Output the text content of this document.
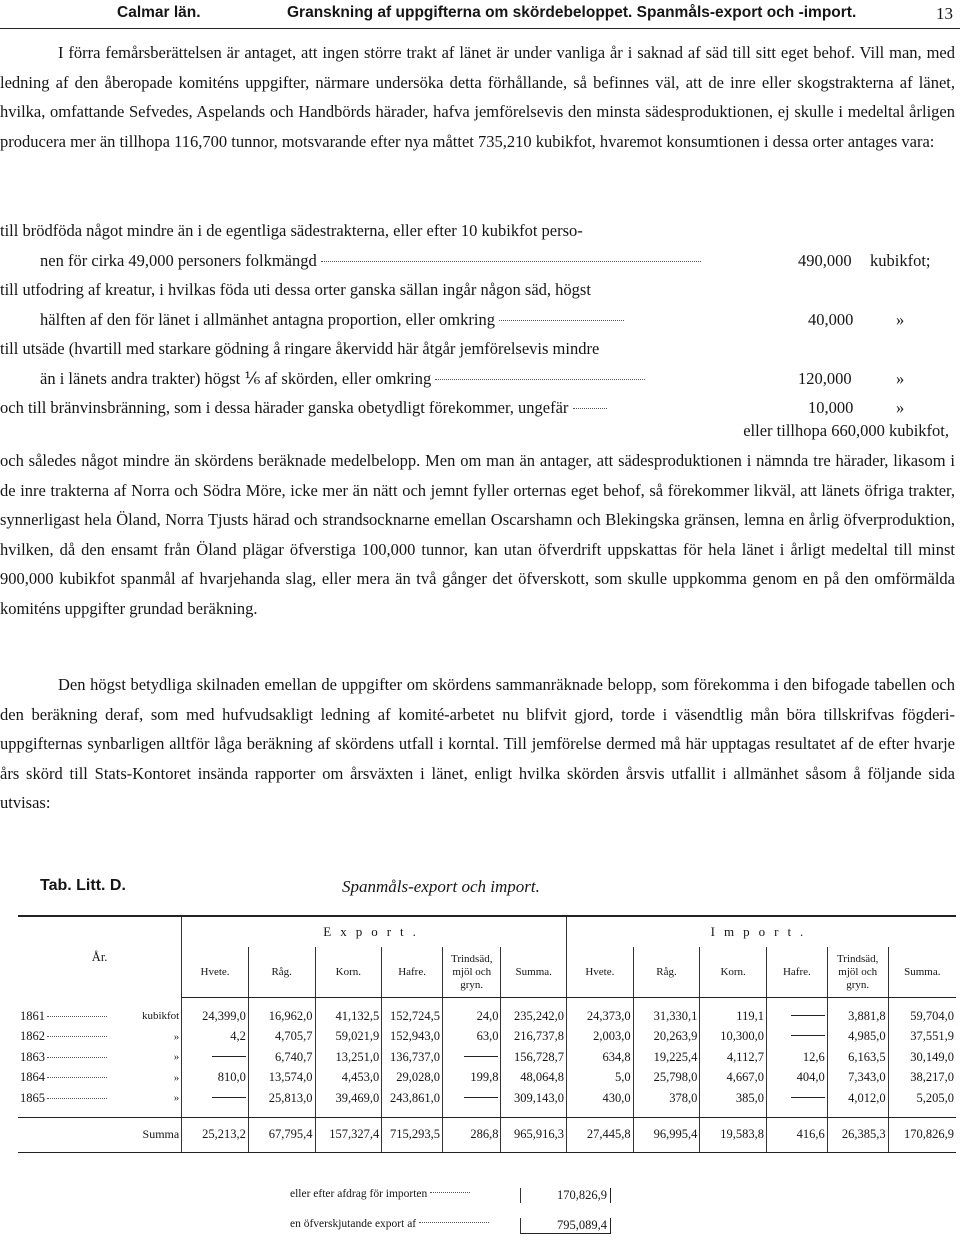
Calmar län.	Granskning af uppgifterna om skördebeloppet. Spanmåls-export och -import.	13

I förra femårsberättelsen är antaget, att ingen större trakt af länet är under vanliga år i saknad af säd till sitt eget behof. Vill man, med ledning af den åberopade komiténs uppgifter, närmare undersöka detta förhållande, så befinnes väl, att de inre eller skogstrakterna af länet, hvilka, omfattande Sefvedes, Aspelands och Handbörds härader, hafva jemförelsevis den minsta sädesproduktionen, ej skulle i medeltal årligen producera mer än tillhopa 116,700 tunnor, motsvarande efter nya måttet 735,210 kubikfot, hvaremot konsumtionen i dessa orter antages vara:

till brödföda något mindre än i de egentliga sädestrakterna, eller efter 10 kubikfot perso-
nen för cirka 49,000 personers folkmängd	490,000 kubikfot;
till utfodring af kreatur, i hvilkas föda uti dessa orter ganska sällan ingår någon säd, högst
hälften af den för länet i allmänhet antagna proportion, eller omkring	40,000	»
till utsäde (hvartill med starkare gödning å ringare åkervidd här åtgår jemförelsevis mindre
än i länets andra trakter) högst ⅙ af skörden, eller omkring	120,000	»
och till bränvinsbränning, som i dessa härader ganska obetydligt förekommer, ungefär	10,000	»
eller tillhopa 660,000 kubikfot,

och således något mindre än skördens beräknade medelbelopp. Men om man än antager, att sädesproduktionen i nämnda tre härader, likasom i de inre trakterna af Norra och Södra Möre, icke mer än nätt och jemnt fyller orternas eget behof, så förekommer likväl, att länets öfriga trakter, synnerligast hela Öland, Norra Tjusts härad och strandsocknarne emellan Oscarshamn och Blekingska gränsen, lemna en årlig öfverproduktion, hvilken, då den ensamt från Öland plägar öfverstiga 100,000 tunnor, kan utan öfverdrift uppskattas för hela länet i årligt medeltal till minst 900,000 kubikfot spanmål af hvarjehanda slag, eller mera än två gånger det öfverskott, som skulle uppkomma genom en på den omförmälda komiténs uppgifter grundad beräkning.

Den högst betydliga skilnaden emellan de uppgifter om skördens sammanräknade belopp, som förekomma i den bifogade tabellen och den beräkning deraf, som med hufvudsakligt ledning af komité-arbetet nu blifvit gjord, torde i väsendtlig mån böra tillskrifvas fögderi-uppgifternas synbarligen alltför låga beräkning af skördens utfall i korntal. Till jemförelse dermed må här upptagas resultatet af de efter hvarje års skörd till Stats-Kontoret insända rapporter om årsväxten i länet, enligt hvilka skörden årsvis utfallit i allmänhet såsom å följande sida utvisas:

Tab. Litt. D.	Spanmåls-export och import.
År.		Export.						Import.					
		Hvete.	Råg.	Korn.	Hafre.	Trindsäd, mjöl och gryn.	Summa.	Hvete.	Råg.	Korn.	Hafre.	Trindsäd, mjöl och gryn.	Summa.
1861	kubikfot	24,399,0	16,962,0	41,132,5	152,724,5	24,0	235,242,0	24,373,0	31,330,1	119,1		3,881,8	59,704,0
1862	»	4,2	4,705,7	59,021,9	152,943,0	63,0	216,737,8	2,003,0	20,263,9	10,300,0		4,985,0	37,551,9
1863	»		6,740,7	13,251,0	136,737,0		156,728,7	634,8	19,225,4	4,112,7	12,6	6,163,5	30,149,0
1864	»	810,0	13,574,0	4,453,0	29,028,0	199,8	48,064,8	5,0	25,798,0	4,667,0	404,0	7,343,0	38,217,0
1865	»		25,813,0	39,469,0	243,861,0		309,143,0	430,0	378,0	385,0		4,012,0	5,205,0
Summa		25,213,2	67,795,4	157,327,4	715,293,5	286,8	965,916,3	27,445,8	96,995,4	19,583,8	416,6	26,385,3	170,826,9
eller efter afdrag för importen	170,826,9
en öfverskjutande export af	795,089,4
